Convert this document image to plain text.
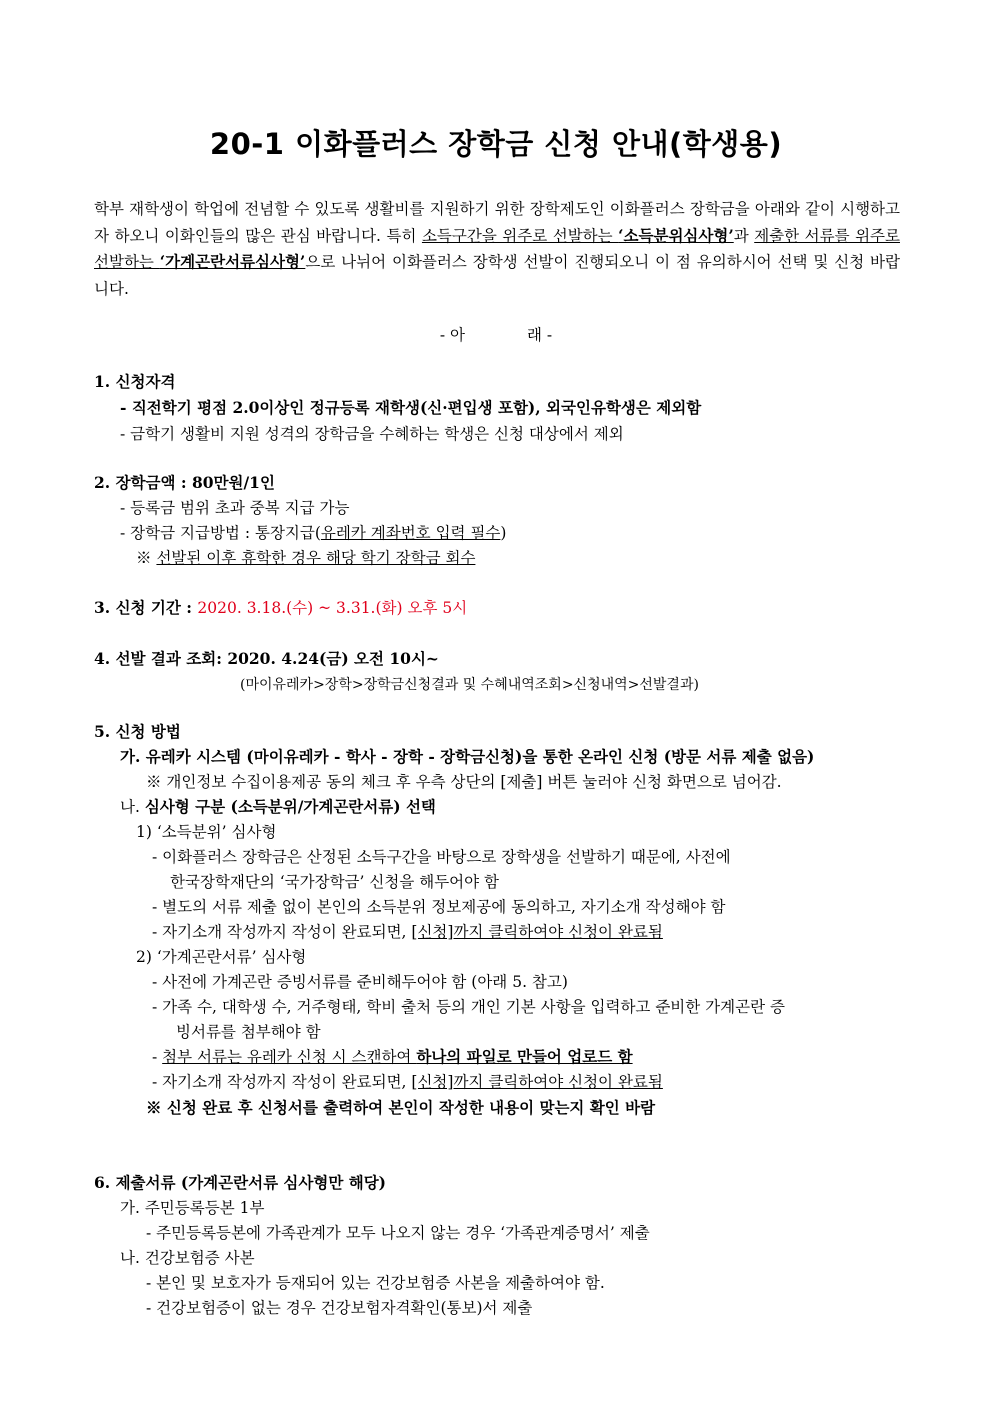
20-1 이화플러스 장학금 신청 안내(학생용)
학부 재학생이 학업에 전념할 수 있도록 생활비를 지원하기 위한 장학제도인 이화플러스 장학금을 아래와 같이 시행하고자 하오니 이화인들의 많은 관심 바랍니다. 특히 소득구간을 위주로 선발하는 ‘소득분위심사형’과 제출한 서류를 위주로 선발하는 ‘가계곤란서류심사형’으로 나뉘어 이화플러스 장학생 선발이 진행되오니 이 점 유의하시어 선택 및 신청 바랍니다.
- 아	래 -
1. 신청자격
- 직전학기 평점 2.0이상인 정규등록 재학생(신·편입생 포함), 외국인유학생은 제외함
- 금학기 생활비 지원 성격의 장학금을 수혜하는 학생은 신청 대상에서 제외
2. 장학금액 : 80만원/1인
- 등록금 범위 초과 중복 지급 가능
- 장학금 지급방법 : 통장지급(유레카 계좌번호 입력 필수)
※ 선발된 이후 휴학한 경우 해당 학기 장학금 회수
3. 신청 기간 : 2020. 3.18.(수) ~ 3.31.(화) 오후 5시
4. 선발 결과 조회: 2020. 4.24(금) 오전 10시~
(마이유레카>장학>장학금신청결과 및 수혜내역조회>신청내역>선발결과)
5. 신청 방법
가. 유레카 시스템 (마이유레카 - 학사 - 장학 - 장학금신청)을 통한 온라인 신청 (방문 서류 제출 없음)
※ 개인정보 수집이용제공 동의 체크 후 우측 상단의 [제출] 버튼 눌러야 신청 화면으로 넘어감.
나. 심사형 구분 (소득분위/가계곤란서류) 선택
1) ‘소득분위’ 심사형
- 이화플러스 장학금은 산정된 소득구간을 바탕으로 장학생을 선발하기 때문에, 사전에
한국장학재단의 ‘국가장학금’ 신청을 해두어야 함
- 별도의 서류 제출 없이 본인의 소득분위 정보제공에 동의하고, 자기소개 작성해야 함
- 자기소개 작성까지 작성이 완료되면, [신청]까지 클릭하여야 신청이 완료됨
2) ‘가계곤란서류’ 심사형
- 사전에 가계곤란 증빙서류를 준비해두어야 함 (아래 5. 참고)
- 가족 수, 대학생 수, 거주형태, 학비 출처 등의 개인 기본 사항을 입력하고 준비한 가계곤란 증
빙서류를 첨부해야 함
- 첨부 서류는 유레카 신청 시 스캔하여 하나의 파일로 만들어 업로드 함
- 자기소개 작성까지 작성이 완료되면, [신청]까지 클릭하여야 신청이 완료됨
※ 신청 완료 후 신청서를 출력하여 본인이 작성한 내용이 맞는지 확인 바람
6. 제출서류 (가계곤란서류 심사형만 해당)
가. 주민등록등본 1부
- 주민등록등본에 가족관계가 모두 나오지 않는 경우 ‘가족관계증명서’ 제출
나. 건강보험증 사본
- 본인 및 보호자가 등재되어 있는 건강보험증 사본을 제출하여야 함.
- 건강보험증이 없는 경우 건강보험자격확인(통보)서 제출
